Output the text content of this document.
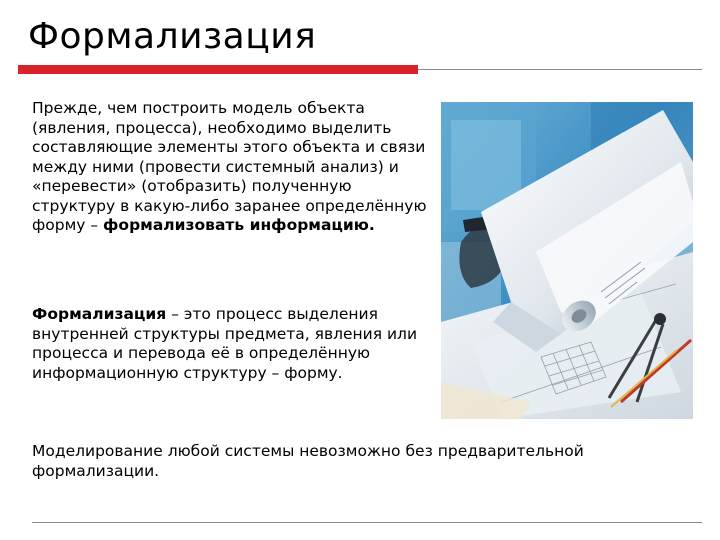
Формализация

Прежде, чем построить модель объекта (явления, процесса), необходимо выделить составляющие элементы этого объекта и связи между ними (провести системный анализ) и «перевести» (отобразить) полученную структуру в какую-либо заранее определённую форму – формализовать информацию.

Формализация – это процесс выделения внутренней структуры предмета, явления или процесса и перевода её в определённую информационную структуру – форму.

Моделирование любой системы невозможно без предварительной формализации.
